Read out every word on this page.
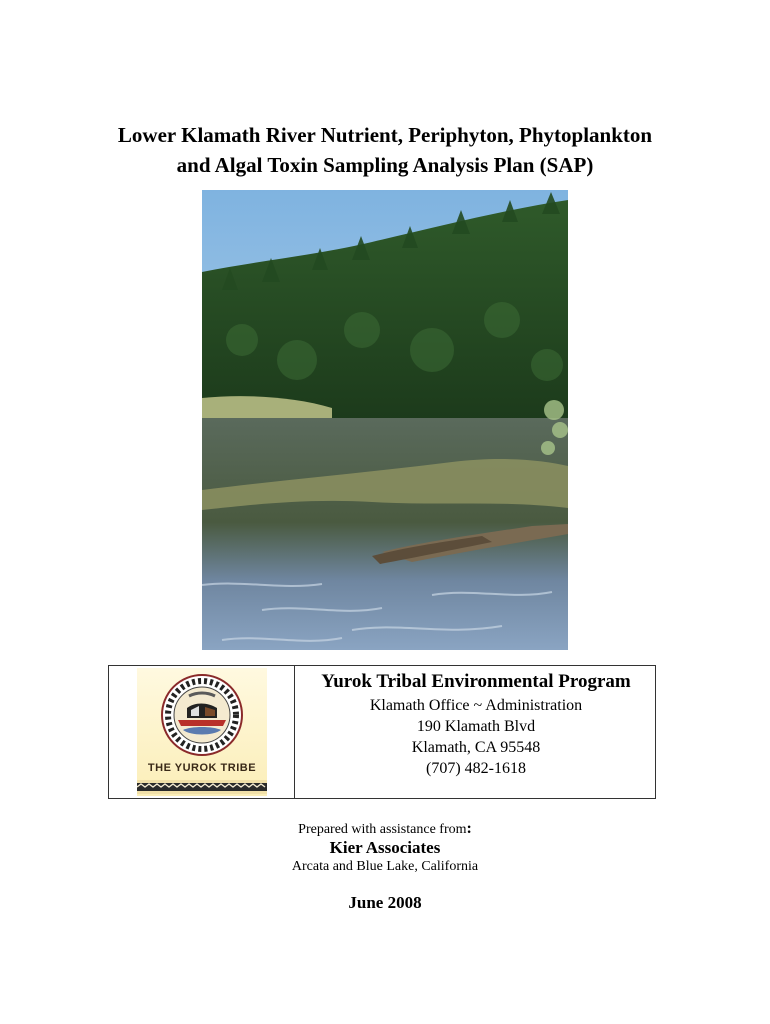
Lower Klamath River Nutrient, Periphyton, Phytoplankton
and Algal Toxin Sampling Analysis Plan (SAP)
THE YUROK TRIBE
Yurok Tribal Environmental Program
Klamath Office ~ Administration
190 Klamath Blvd
Klamath, CA 95548
(707) 482-1618
Prepared with assistance from:
Kier Associates
Arcata and Blue Lake, California
June 2008
